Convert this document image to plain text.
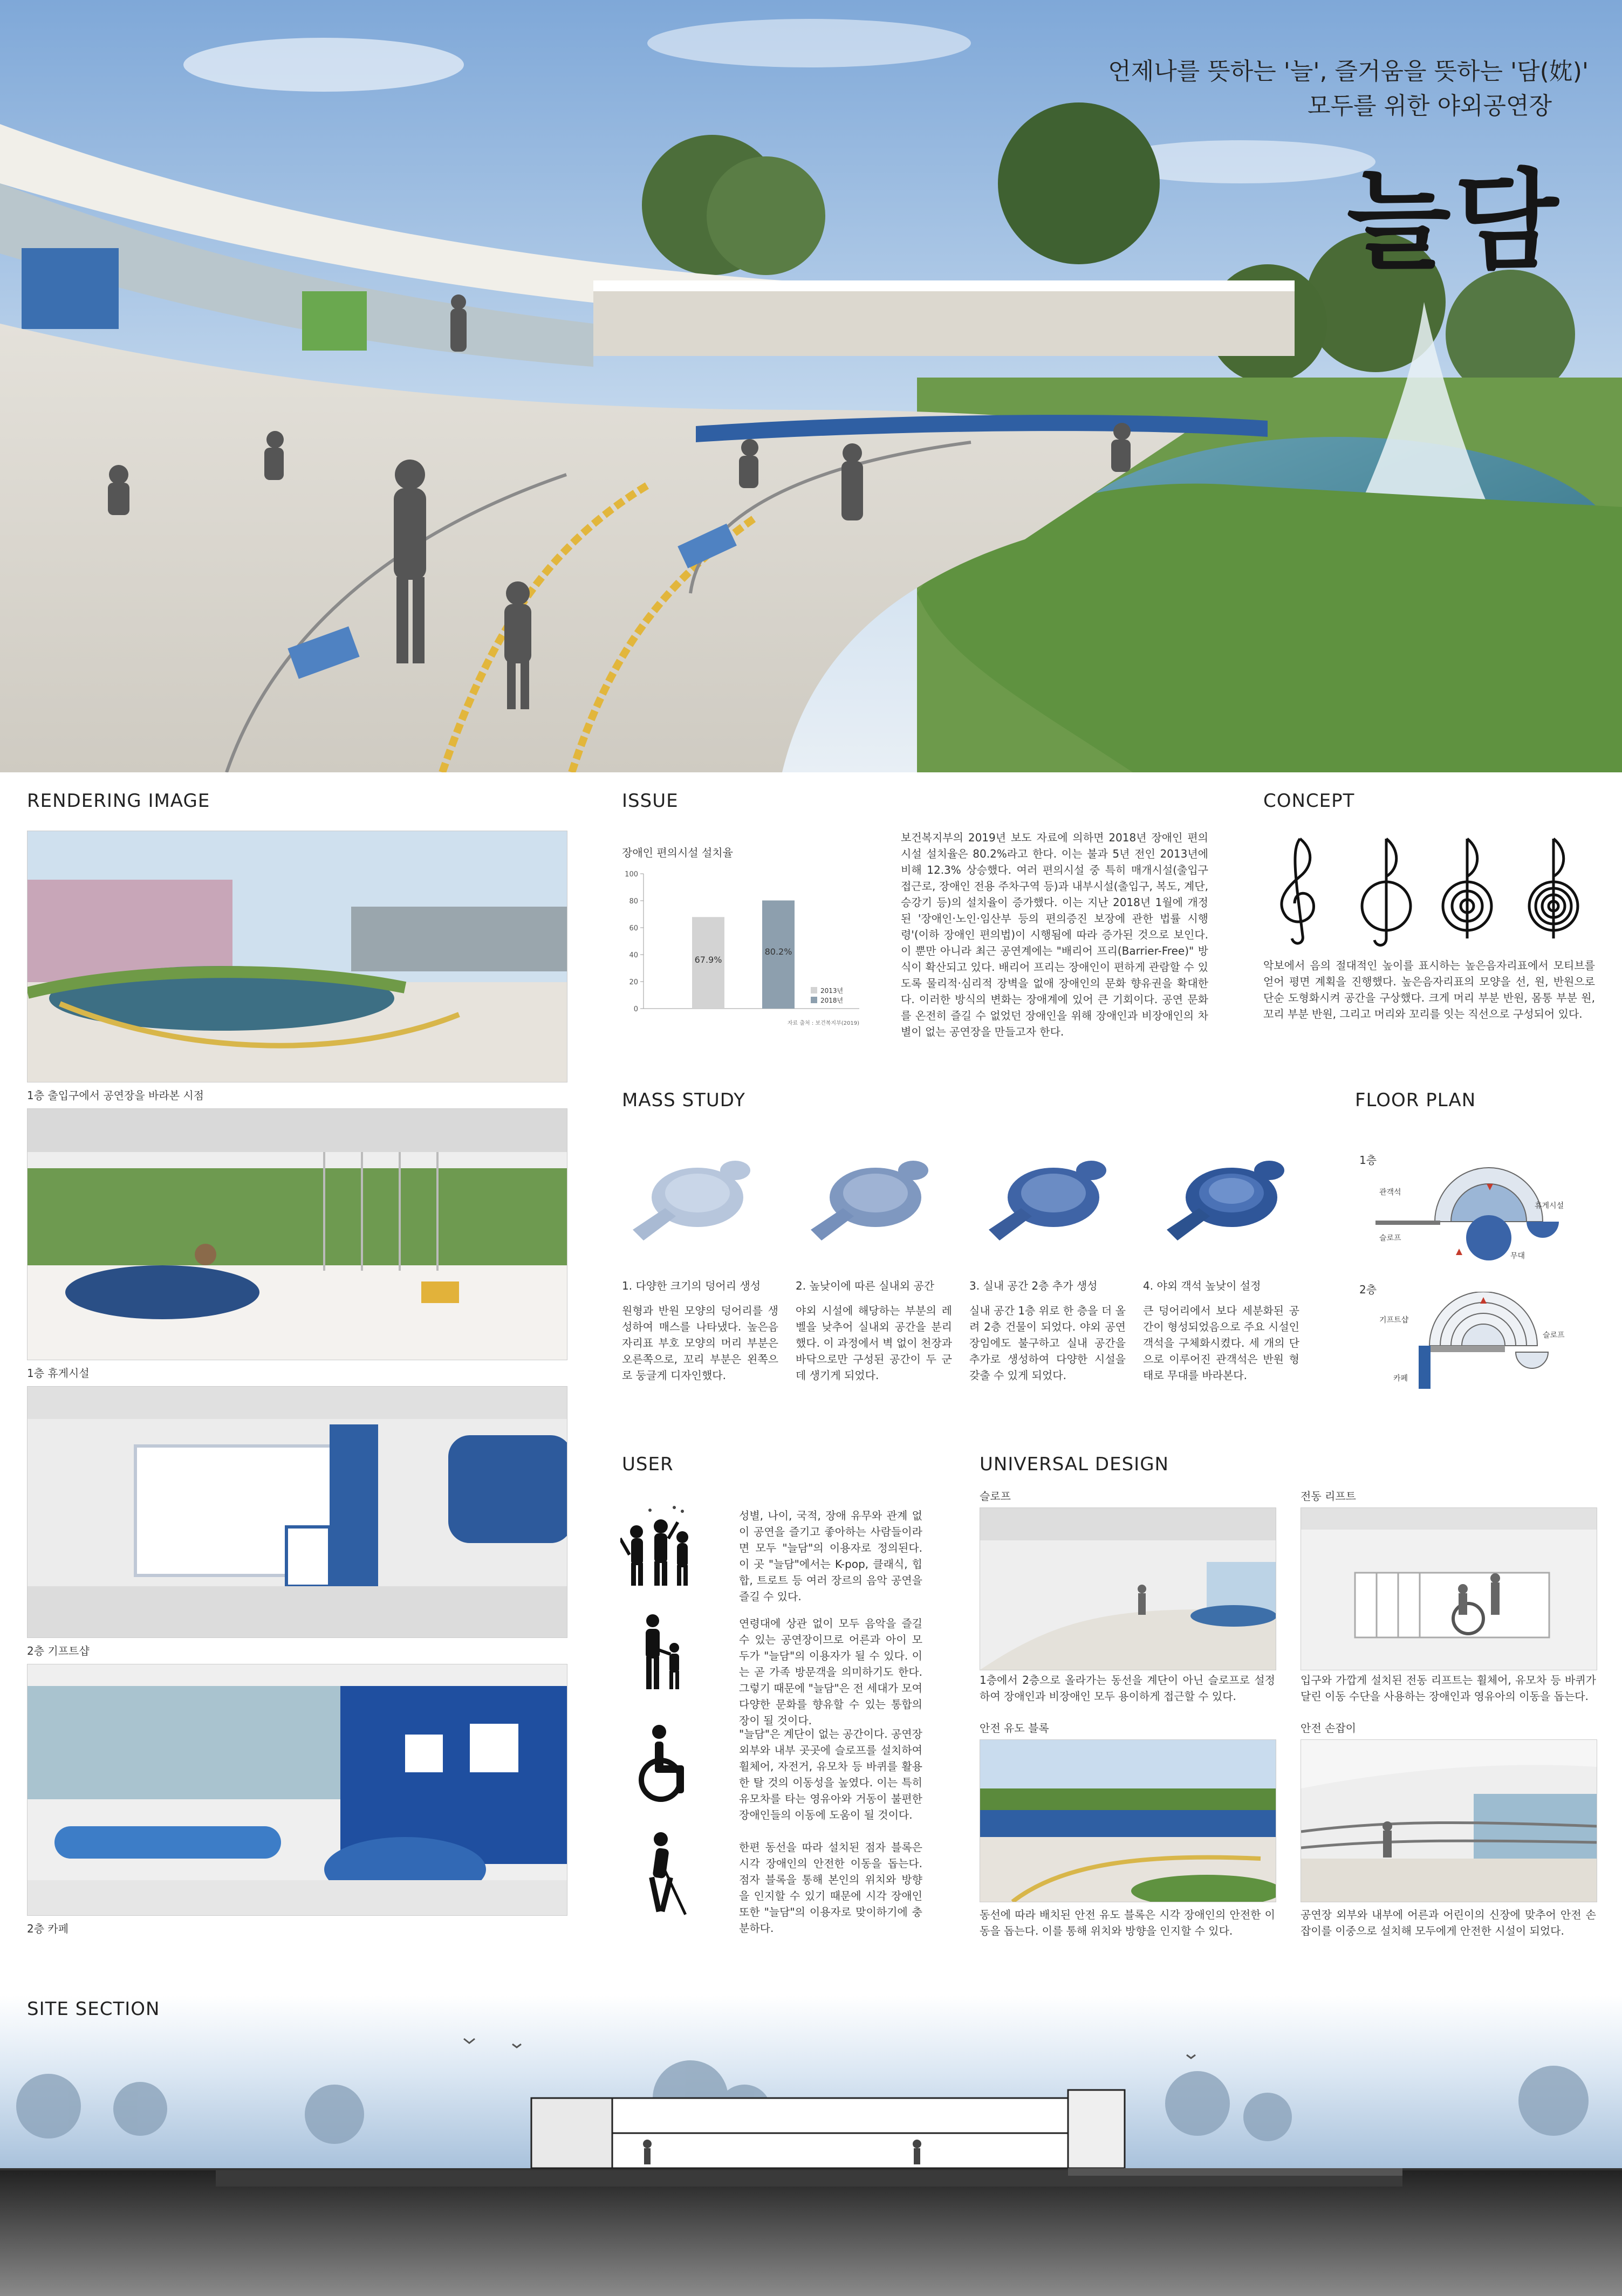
언제나를 뜻하는 '늘', 즐거움을 뜻하는 '담(妉)'
모두를 위한 야외공연장
늘담
RENDERING IMAGE
1층 출입구에서 공연장을 바라본 시점
1층 휴게시설
2층 기프트샵
2층 카페
ISSUE
장애인 편의시설 설치율
0
20
40
60
80
100
67.9%
80.2%
2013년
2018년
자료 출처 : 보건복지부(2019)
보건복지부의 2019년 보도 자료에 의하면 2018년 장애인 편의시설 설치율은 80.2%라고 한다. 이는 불과 5년 전인 2013년에 비해 12.3% 상승했다. 여러 편의시설 중 특히 매개시설(출입구 접근로, 장애인 전용 주차구역 등)과 내부시설(출입구, 복도, 계단, 승강기 등)의 설치율이 증가했다. 이는 지난 2018년 1월에 개정된 '장애인·노인·임산부 등의 편의증진 보장에 관한 법률 시행령'(이하 장애인 편의법)이 시행됨에 따라 증가된 것으로 보인다. 이 뿐만 아니라 최근 공연계에는 "배리어 프리(Barrier-Free)" 방식이 확산되고 있다. 배리어 프리는 장애인이 편하게 관람할 수 있도록 물리적·심리적 장벽을 없애 장애인의 문화 향유권을 확대한다. 이러한 방식의 변화는 장애계에 있어 큰 기회이다. 공연 문화를 온전히 즐길 수 없었던 장애인을 위해 장애인과 비장애인의 차별이 없는 공연장을 만들고자 한다.
CONCEPT
악보에서 음의 절대적인 높이를 표시하는 높은음자리표에서 모티브를 얻어 평면 계획을 진행했다. 높은음자리표의 모양을 선, 원, 반원으로 단순 도형화시켜 공간을 구상했다. 크게 머리 부분 반원, 몸통 부분 원, 꼬리 부분 반원, 그리고 머리와 꼬리를 잇는 직선으로 구성되어 있다.
MASS STUDY
1. 다양한 크기의 덩어리 생성
원형과 반원 모양의 덩어리를 생성하여 매스를 나타냈다. 높은음자리표 부호 모양의 머리 부분은 오른쪽으로, 꼬리 부분은 왼쪽으로 둥글게 디자인했다.
2. 높낮이에 따른 실내외 공간
야외 시설에 해당하는 부분의 레벨을 낮추어 실내외 공간을 분리했다. 이 과정에서 벽 없이 천장과 바닥으로만 구성된 공간이 두 군데 생기게 되었다.
3. 실내 공간 2층 추가 생성
실내 공간 1층 위로 한 층을 더 올려 2층 건물이 되었다. 야외 공연장임에도 불구하고 실내 공간을 추가로 생성하여 다양한 시설을 갖출 수 있게 되었다.
4. 야외 객석 높낮이 설정
큰 덩어리에서 보다 세분화된 공간이 형성되었음으로 주요 시설인 객석을 구체화시켰다. 세 개의 단으로 이루어진 관객석은 반원 형태로 무대를 바라본다.
FLOOR PLAN
1층
관객석
슬로프
휴게시설
무대
2층
기프트샵
카페
슬로프
USER
성별, 나이, 국적, 장애 유무와 관계 없이 공연을 즐기고 좋아하는 사람들이라면 모두 "늘담"의 이용자로 정의된다. 이 곳 "늘담"에서는 K-pop, 클래식, 힙합, 트로트 등 여러 장르의 음악 공연을 즐길 수 있다.
연령대에 상관 없이 모두 음악을 즐길 수 있는 공연장이므로 어른과 아이 모두가 "늘담"의 이용자가 될 수 있다. 이는 곧 가족 방문객을 의미하기도 한다. 그렇기 때문에 "늘담"은 전 세대가 모여 다양한 문화를 향유할 수 있는 통합의 장이 될 것이다.
"늘담"은 계단이 없는 공간이다. 공연장 외부와 내부 곳곳에 슬로프를 설치하여 휠체어, 자전거, 유모차 등 바퀴를 활용한 탈 것의 이동성을 높였다. 이는 특히 유모차를 타는 영유아와 거동이 불편한 장애인들의 이동에 도움이 될 것이다.
한편 동선을 따라 설치된 점자 블록은 시각 장애인의 안전한 이동을 돕는다. 점자 블록을 통해 본인의 위치와 방향을 인지할 수 있기 때문에 시각 장애인 또한 "늘담"의 이용자로 맞이하기에 충분하다.
UNIVERSAL DESIGN
슬로프
1층에서 2층으로 올라가는 동선을 계단이 아닌 슬로프로 설정하여 장애인과 비장애인 모두 용이하게 접근할 수 있다.
전동 리프트
입구와 가깝게 설치된 전동 리프트는 휠체어, 유모차 등 바퀴가 달린 이동 수단을 사용하는 장애인과 영유아의 이동을 돕는다.
안전 유도 블록
동선에 따라 배치된 안전 유도 블록은 시각 장애인의 안전한 이동을 돕는다. 이를 통해 위치와 방향을 인지할 수 있다.
안전 손잡이
공연장 외부와 내부에 어른과 어린이의 신장에 맞추어 안전 손잡이를 이중으로 설치해 모두에게 안전한 시설이 되었다.
SITE SECTION
